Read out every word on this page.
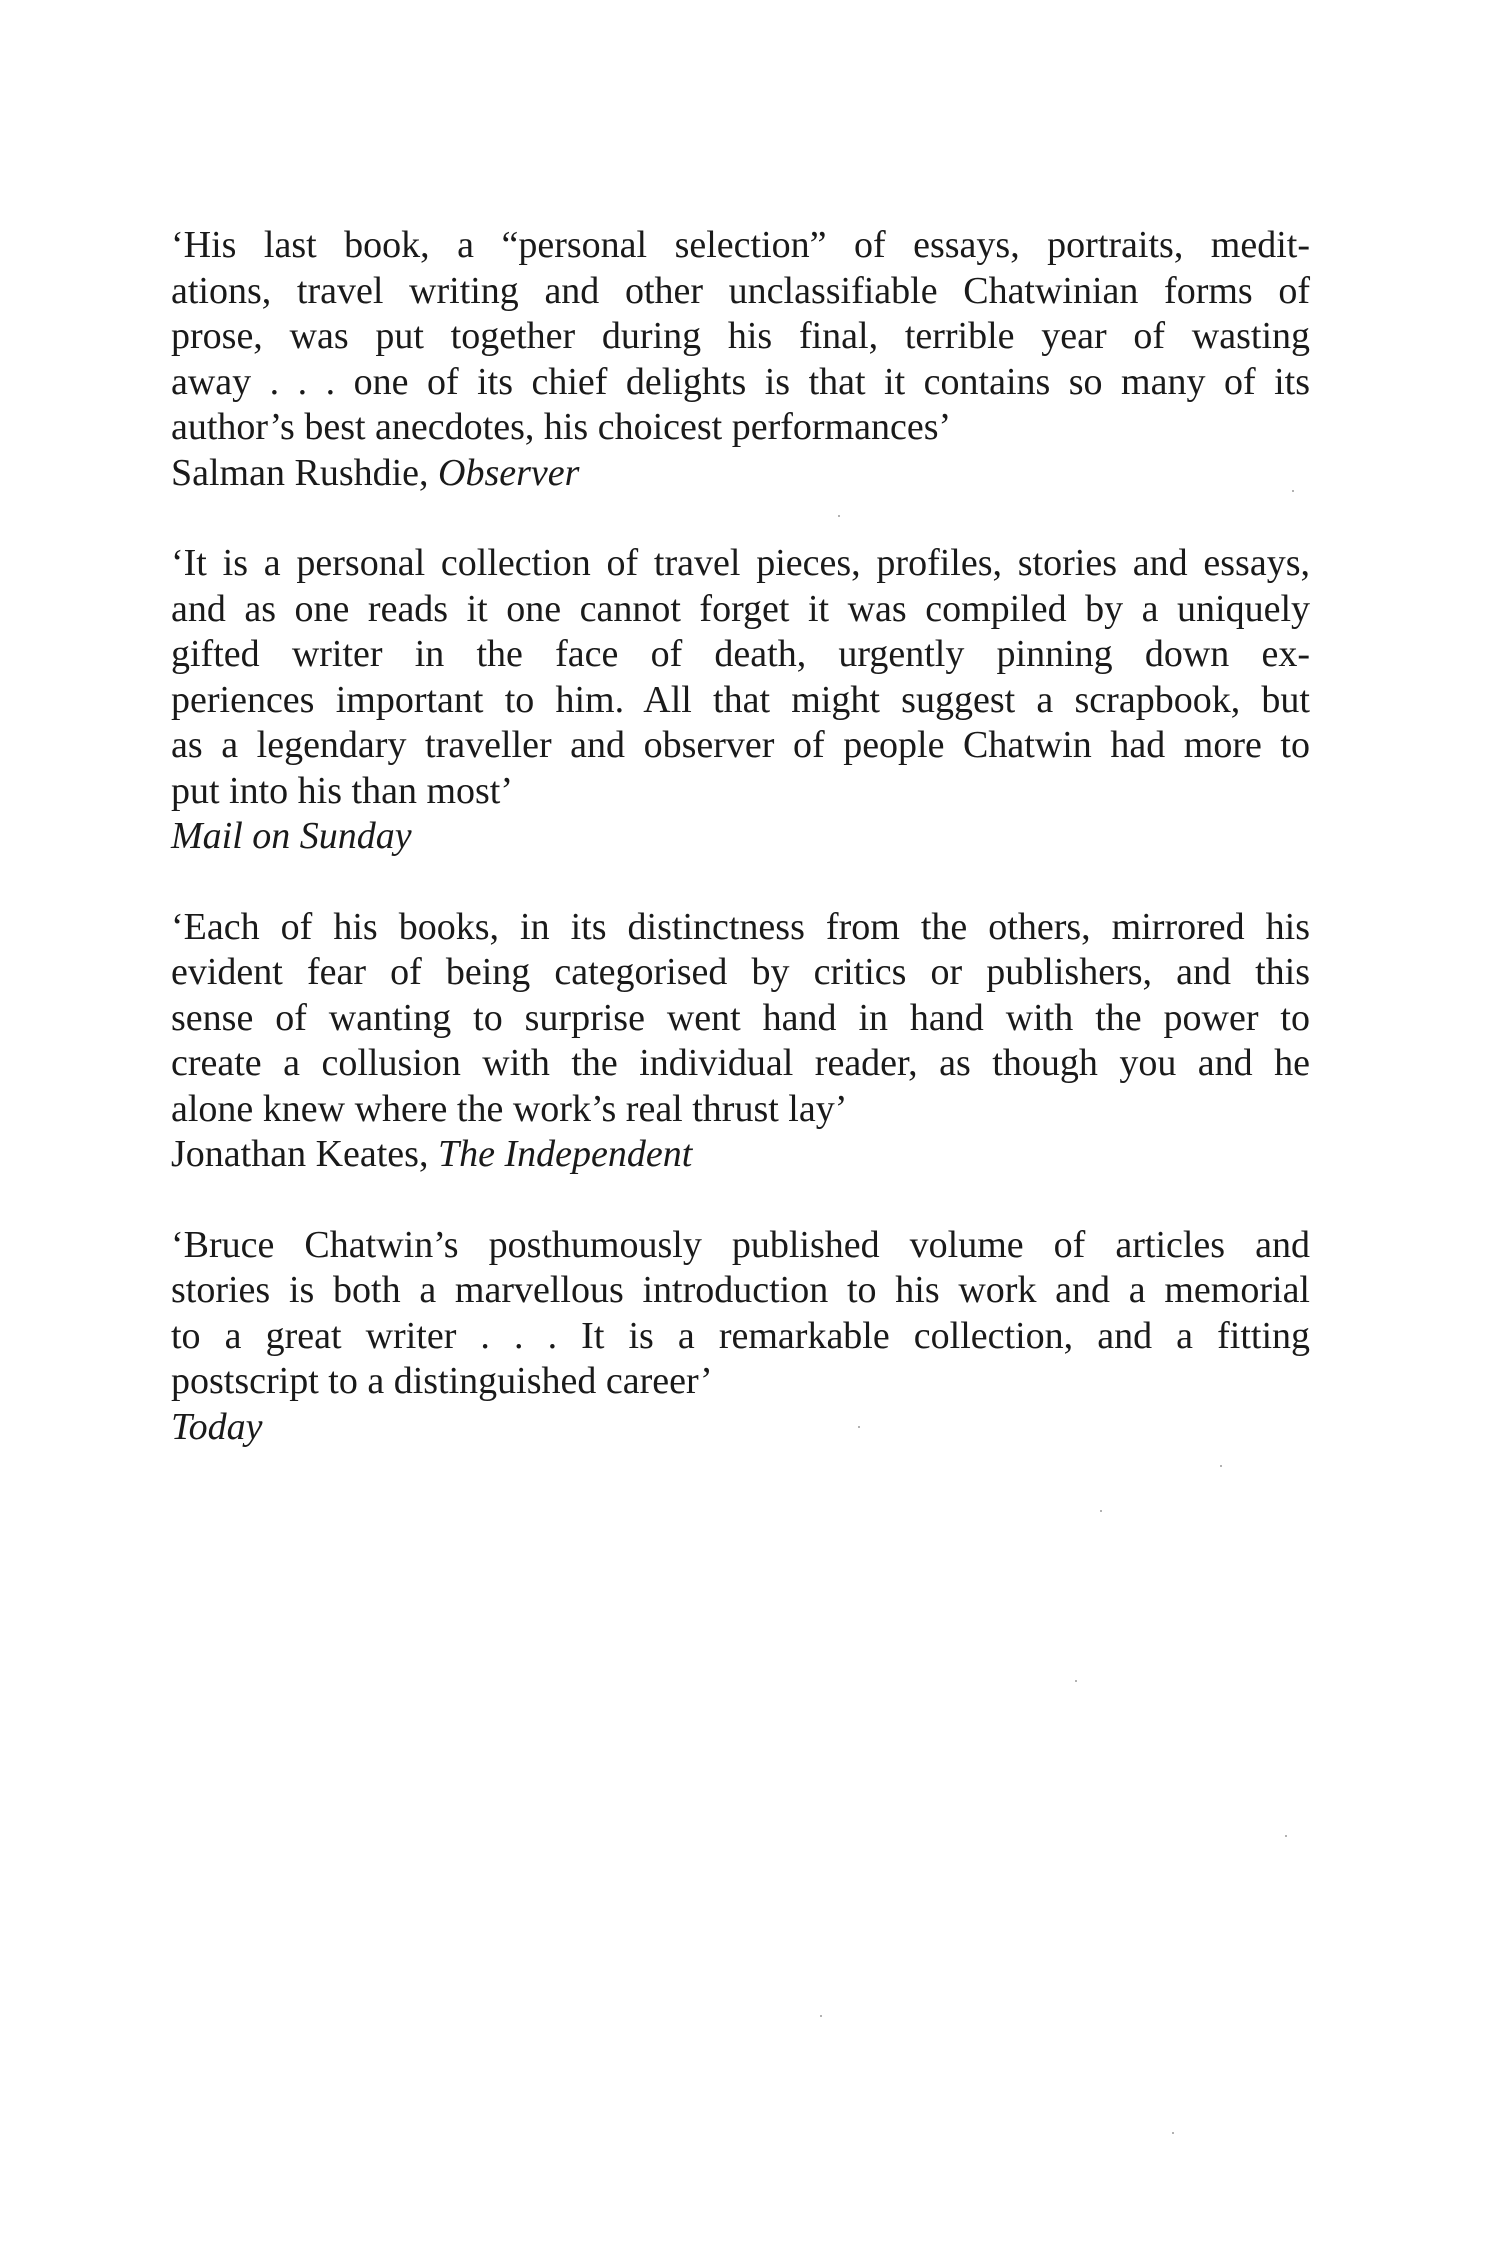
‘His last book, a “personal selection” of essays, portraits, medit-
ations, travel writing and other unclassifiable Chatwinian forms of
prose, was put together during his final, terrible year of wasting
away . . . one of its chief delights is that it contains so many of its
author’s best anecdotes, his choicest performances’
Salman Rushdie, Observer
‘It is a personal collection of travel pieces, profiles, stories and essays,
and as one reads it one cannot forget it was compiled by a uniquely
gifted writer in the face of death, urgently pinning down ex-
periences important to him. All that might suggest a scrapbook, but
as a legendary traveller and observer of people Chatwin had more to
put into his than most’
Mail on Sunday
‘Each of his books, in its distinctness from the others, mirrored his
evident fear of being categorised by critics or publishers, and this
sense of wanting to surprise went hand in hand with the power to
create a collusion with the individual reader, as though you and he
alone knew where the work’s real thrust lay’
Jonathan Keates, The Independent
‘Bruce Chatwin’s posthumously published volume of articles and
stories is both a marvellous introduction to his work and a memorial
to a great writer . . . It is a remarkable collection, and a fitting
postscript to a distinguished career’
Today
